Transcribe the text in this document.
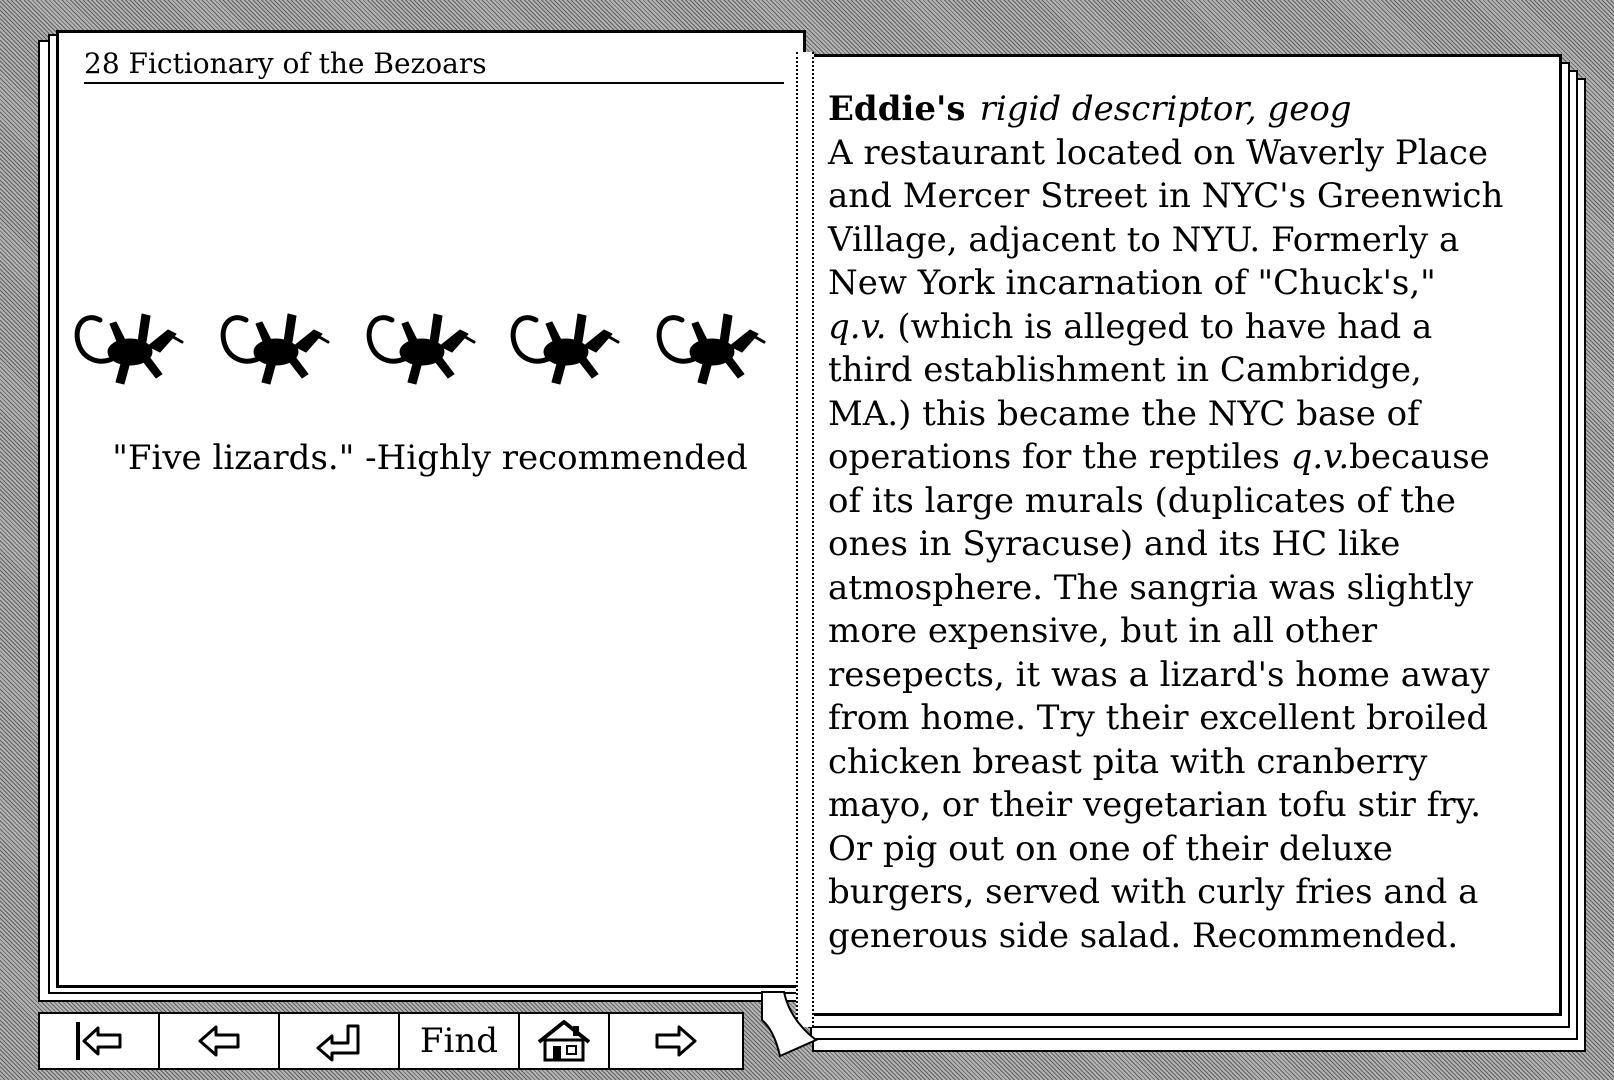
28 Fictionary of the Bezoars
"Five lizards." -Highly recommended
Eddie's rigid descriptor, geog
A restaurant located on Waverly Place
and Mercer Street in NYC's Greenwich
Village, adjacent to NYU. Formerly a
New York incarnation of "Chuck's,"
q.v. (which is alleged to have had a
third establishment in Cambridge,
MA.) this became the NYC base of
operations for the reptiles q.v.because
of its large murals (duplicates of the
ones in Syracuse) and its HC like
atmosphere. The sangria was slightly
more expensive, but in all other
resepects, it was a lizard's home away
from home. Try their excellent broiled
chicken breast pita with cranberry
mayo, or their vegetarian tofu stir fry.
Or pig out on one of their deluxe
burgers, served with curly fries and a
generous side salad. Recommended.
Find
